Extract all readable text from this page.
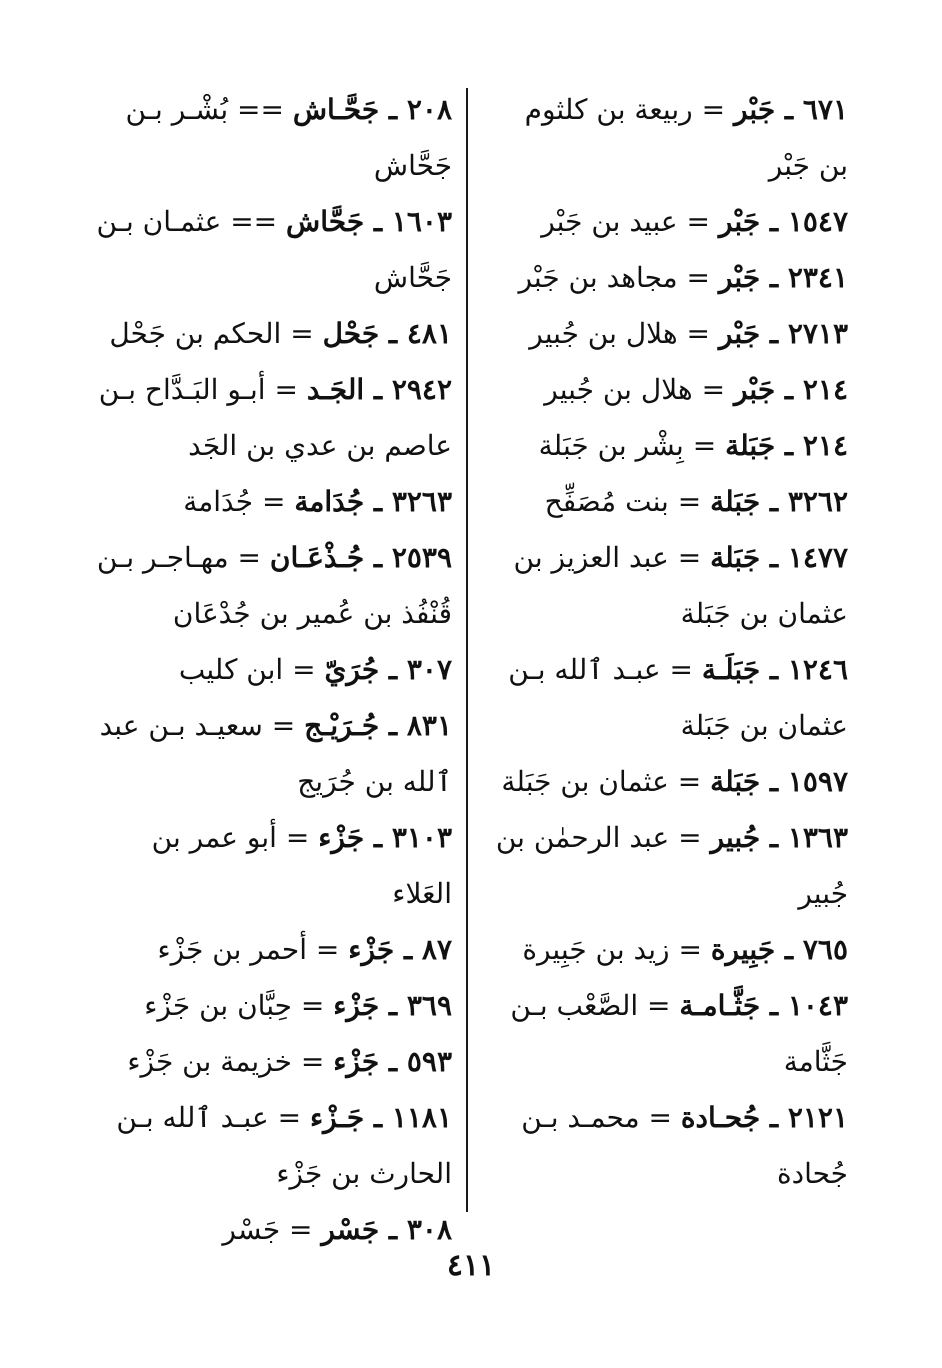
٦٧١ ـ جَبْر = ربيعة بن كلثوم بن جَبْر

١٥٤٧ ـ جَبْر = عبيد بن جَبْر

٢٣٤١ ـ جَبْر = مجاهد بن جَبْر

٢٧١٣ ـ جَبْر = هلال بن جُبير

٢١٤ ـ جَبْر = هلال بن جُبير

٢١٤ ـ جَبَلة = بِشْر بن جَبَلة

٣٢٦٢ ـ جَبَلة = بنت مُصَفِّح

١٤٧٧ ـ جَبَلة = عبد العزيز بن عثمان بن جَبَلة

١٢٤٦ ـ جَبَلَـة = عبـد ٱلله بـن عثمان بن جَبَلة

١٥٩٧ ـ جَبَلة = عثمان بن جَبَلة

١٣٦٣ ـ جُبير = عبد الرحمٰن بن جُبير

٧٦٥ ـ جَبِيرة = زيد بن جَبِيرة

١٠٤٣ ـ جَثَّـامـة = الصَّعْب بـن جَثَّامة

٢١٢١ ـ جُحـادة = محمـد بـن جُحادة

٢٠٨ ـ جَحَّـاش == بُشْـر بـن جَحَّاش

١٦٠٣ ـ جَحَّاش == عثمـان بـن جَحَّاش

٤٨١ ـ جَحْل = الحكم بن جَحْل

٢٩٤٢ ـ الجَـد = أبـو البَـدَّاح بـن عاصم بن عدي بن الجَد

٣٢٦٣ ـ جُدَامة = جُدَامة

٢٥٣٩ ـ جُـذْعَـان = مهـاجـر بـن قُنْفُذ بن عُمير بن جُدْعَان

٣٠٧ ـ جُرَيّ = ابن كليب

٨٣١ ـ جُـرَيْـج = سعيـد بـن عبد ٱلله بن جُرَيج

٣١٠٣ ـ جَزْء = أبو عمر بن العَلاء

٨٧ ـ جَزْء = أحمر بن جَزْء

٣٦٩ ـ جَزْء = حِبَّان بن جَزْء

٥٩٣ ـ جَزْء = خزيمة بن جَزْء

١١٨١ ـ جَـزْء = عبـد ٱلله بـن الحارث بن جَزْء

٣٠٨ ـ جَسْر = جَسْر

٤١١
